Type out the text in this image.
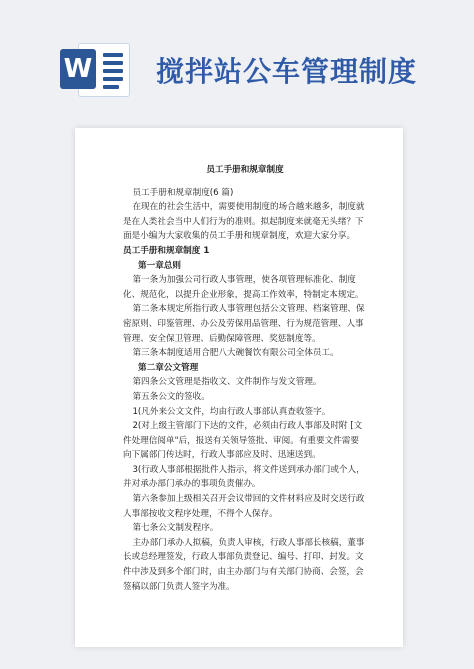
W 搅拌站公车管理制度

员工手册和规章制度

员工手册和规章制度(6 篇)

在现在的社会生活中，需要使用制度的场合越来越多，制度就是在人类社会当中人们行为的准则。拟起制度来就毫无头绪？下面是小编为大家收集的员工手册和规章制度，欢迎大家分享。

员工手册和规章制度 1

第一章总则

第一条为加强公司行政人事管理，使各项管理标准化、制度化、规范化，以提升企业形象，提高工作效率，特制定本规定。

第二条本规定所指行政人事管理包括公文管理、档案管理、保密原则、印鉴管理、办公及劳保用品管理、行为规范管理、人事管理、安全保卫管理、后勤保障管理、奖惩制度等。

第三条本制度适用合肥八大碗餐饮有限公司全体员工。

第二章公文管理

第四条公文管理是指收文、文件制作与发文管理。

第五条公文的签收。

1(凡外来公文文件，均由行政人事部认真查收签字。

2(对上级主管部门下达的文件，必须由行政人事部及时附 [文件处理信阅单"后，报送有关领导签批、审阅。有重要文件需要向下属部门传达时，行政人事部应及时、迅速送到。

3(行政人事部根据批件人指示，将文件送到承办部门或个人，并对承办部门承办的事项负责催办。

第六条参加上级相关召开会议带回的文件材料应及时交送行政人事部按收文程序处理，不得个人保存。

第七条公文制发程序。

主办部门承办人拟稿，负责人审核，行政人事部长核稿，董事长或总经理签发，行政人事部负责登记、编号、打印、封发。文件中涉及到多个部门时，由主办部门与有关部门协商、会签，会签稿以部门负责人签字为准。
